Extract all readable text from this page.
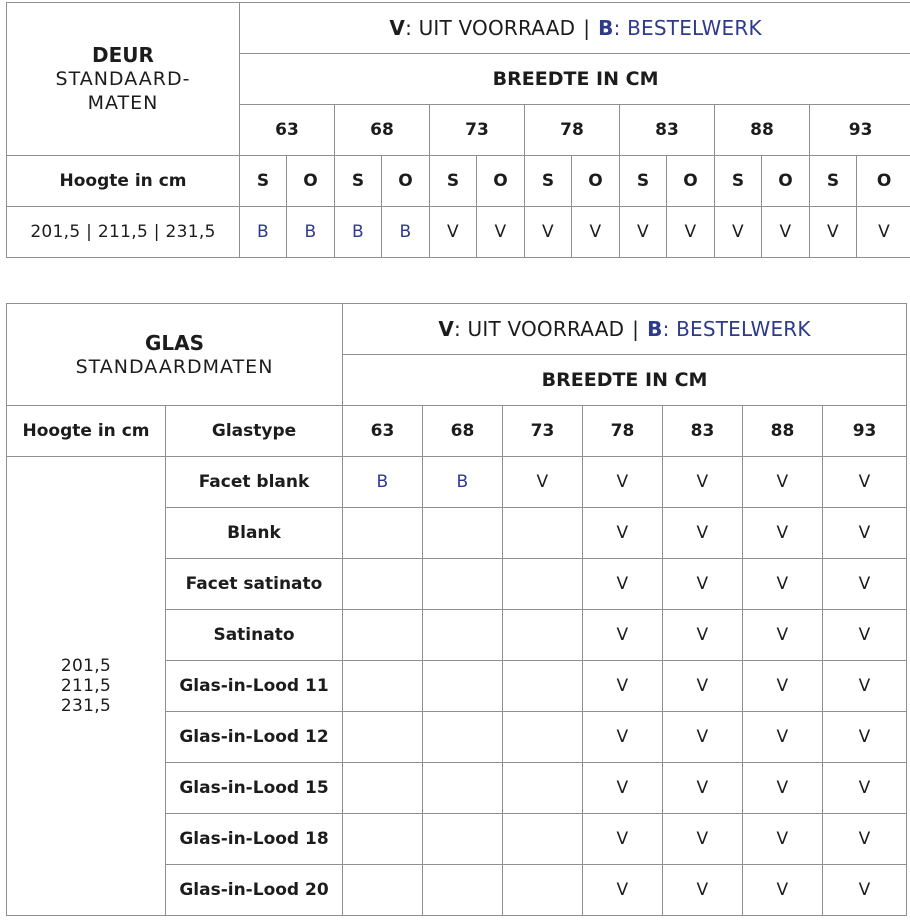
DEUR
STANDAARD-
MATEN	V: UIT VOORRAAD | B: BESTELWERK													
	BREEDTE IN CM													
	63		68		73		78		83		88		93	
Hoogte in cm	S	O	S	O	S	O	S	O	S	O	S	O	S	O
201,5 | 211,5 | 231,5	B	B	B	B	V	V	V	V	V	V	V	V	V	V
GLAS
STANDAARDMATEN		V: UIT VOORRAAD | B: BESTELWERK						
		BREEDTE IN CM						
Hoogte in cm	Glastype	63	68	73	78	83	88	93

201,5
211,5
231,5	Facet blank	B	B	V	V	V	V	V
	Blank				V	V	V	V
	Facet satinato				V	V	V	V
	Satinato				V	V	V	V
	Glas-in-Lood 11				V	V	V	V
	Glas-in-Lood 12				V	V	V	V
	Glas-in-Lood 15				V	V	V	V
	Glas-in-Lood 18				V	V	V	V
	Glas-in-Lood 20				V	V	V	V
